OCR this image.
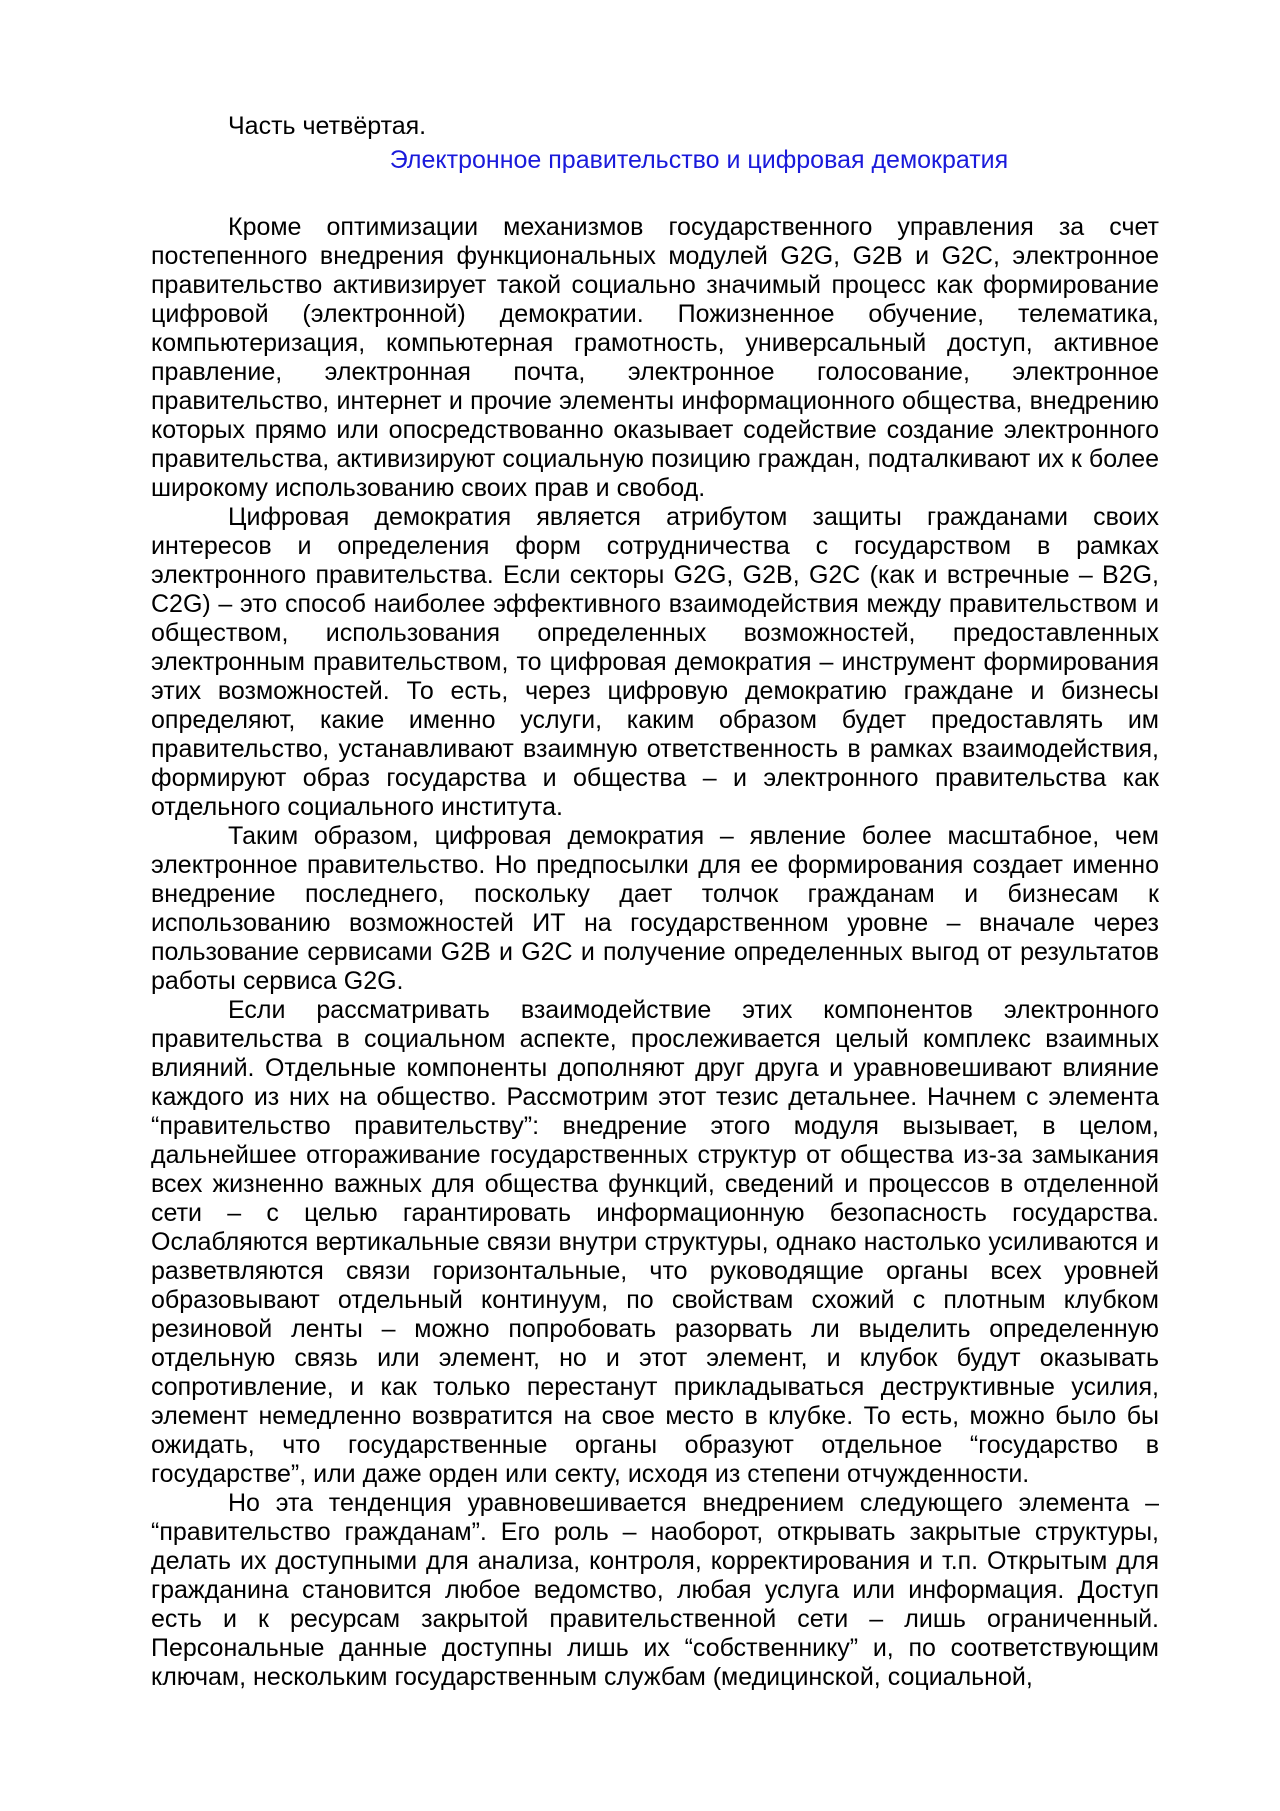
Часть четвёртая.
Электронное правительство и цифровая демократия

Кроме оптимизации механизмов государственного управления за счет постепенного внедрения функциональных модулей G2G, G2B и G2C, электронное правительство активизирует такой социально значимый процесс как формирование цифровой (электронной) демократии. Пожизненное обучение, телематика, компьютеризация, компьютерная грамотность, универсальный доступ, активное правление, электронная почта, электронное голосование, электронное правительство, интернет и прочие элементы информационного общества, внедрению которых прямо или опосредствованно оказывает содействие создание электронного правительства, активизируют социальную позицию граждан, подталкивают их к более широкому использованию своих прав и свобод.

Цифровая демократия является атрибутом защиты гражданами своих интересов и определения форм сотрудничества с государством в рамках электронного правительства. Если секторы G2G, G2B, G2C (как и встречные – B2G, C2G) – это способ наиболее эффективного взаимодействия между правительством и обществом, использования определенных возможностей, предоставленных электронным правительством, то цифровая демократия – инструмент формирования этих возможностей. То есть, через цифровую демократию граждане и бизнесы определяют, какие именно услуги, каким образом будет предоставлять им правительство, устанавливают взаимную ответственность в рамках взаимодействия, формируют образ государства и общества – и электронного правительства как отдельного социального института.

Таким образом, цифровая демократия – явление более масштабное, чем электронное правительство. Но предпосылки для ее формирования создает именно внедрение последнего, поскольку дает толчок гражданам и бизнесам к использованию возможностей ИТ на государственном уровне – вначале через пользование сервисами G2B и G2C и получение определенных выгод от результатов работы сервиса G2G.

Если рассматривать взаимодействие этих компонентов электронного правительства в социальном аспекте, прослеживается целый комплекс взаимных влияний. Отдельные компоненты дополняют друг друга и уравновешивают влияние каждого из них на общество. Рассмотрим этот тезис детальнее. Начнем с элемента “правительство правительству”: внедрение этого модуля вызывает, в целом, дальнейшее отгораживание государственных структур от общества из-за замыкания всех жизненно важных для общества функций, сведений и процессов в отделенной сети – с целью гарантировать информационную безопасность государства. Ослабляются вертикальные связи внутри структуры, однако настолько усиливаются и разветвляются связи горизонтальные, что руководящие органы всех уровней образовывают отдельный континуум, по свойствам схожий с плотным клубком резиновой ленты – можно попробовать разорвать ли выделить определенную отдельную связь или элемент, но и этот элемент, и клубок будут оказывать сопротивление, и как только перестанут прикладываться деструктивные усилия, элемент немедленно возвратится на свое место в клубке. То есть, можно было бы ожидать, что государственные органы образуют отдельное “государство в государстве”, или даже орден или секту, исходя из степени отчужденности.

Но эта тенденция уравновешивается внедрением следующего элемента – “правительство гражданам”. Его роль – наоборот, открывать закрытые структуры, делать их доступными для анализа, контроля, корректирования и т.п. Открытым для гражданина становится любое ведомство, любая услуга или информация. Доступ есть и к ресурсам закрытой правительственной сети – лишь ограниченный. Персональные данные доступны лишь их “собственнику” и, по соответствующим ключам, нескольким государственным службам (медицинской, социальной,
